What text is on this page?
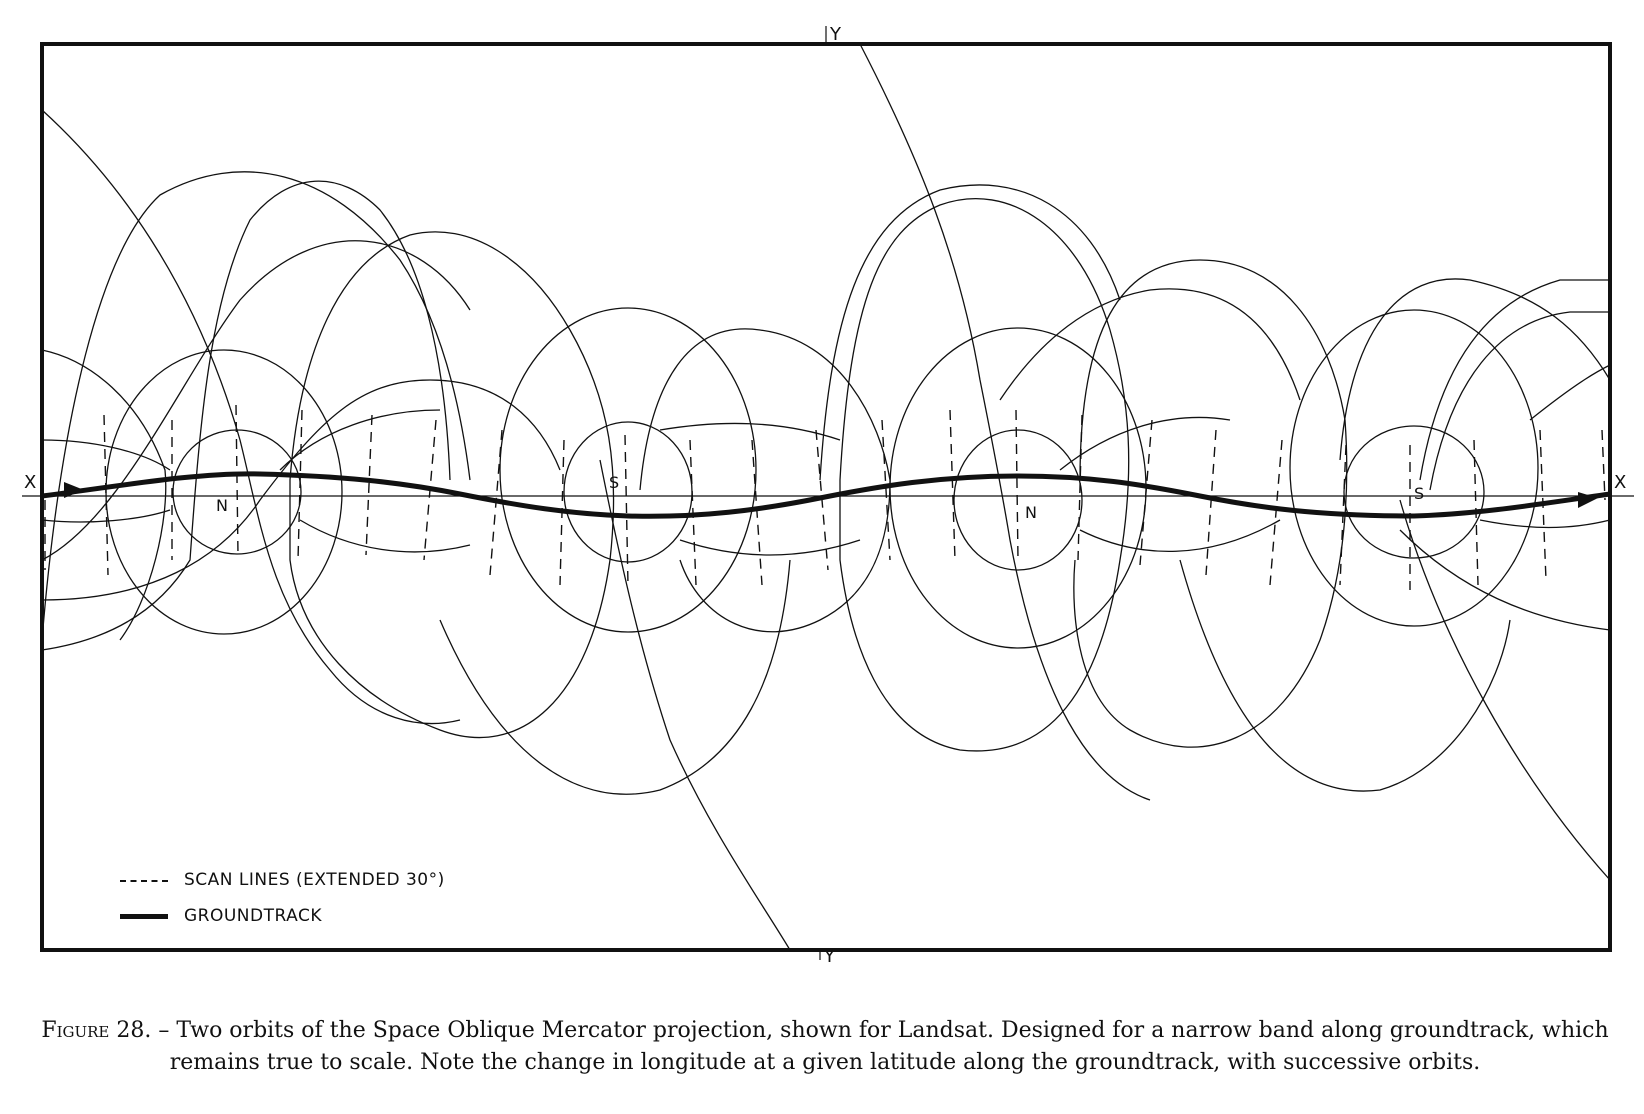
X	X
Y
Y
N
S
N
S
SCAN LINES (EXTENDED 30°)
GROUNDTRACK
Figure 28. – Two orbits of the Space Oblique Mercator projection, shown for Landsat. Designed for a narrow band along groundtrack, which remains true to scale. Note the change in longitude at a given latitude along the groundtrack, with successive orbits.
